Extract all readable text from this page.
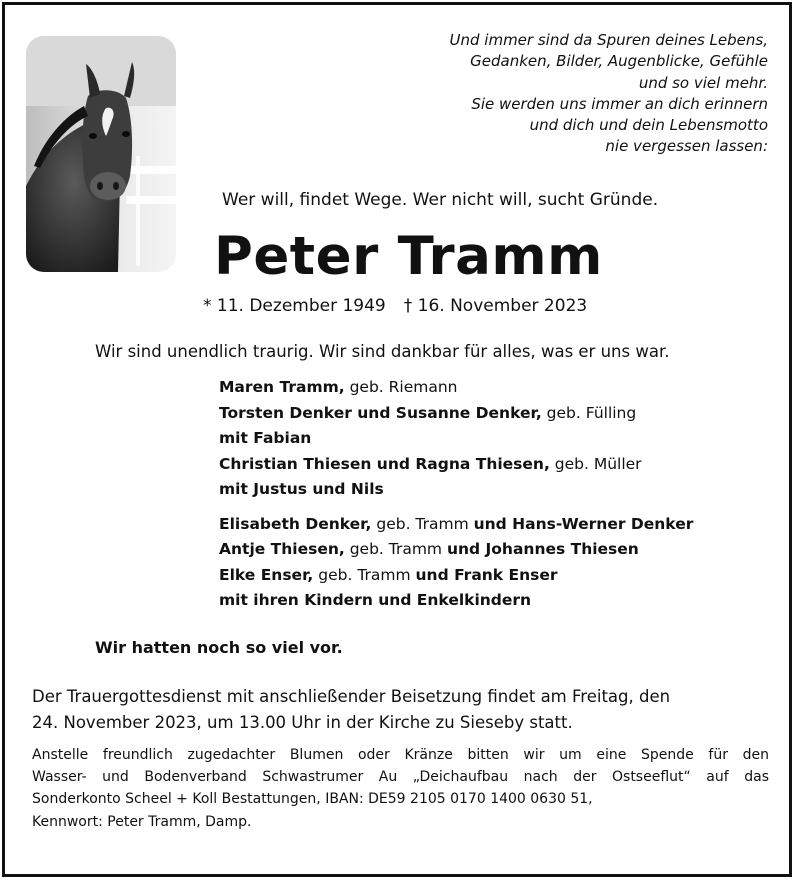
Und immer sind da Spuren deines Lebens,
Gedanken, Bilder, Augenblicke, Gefühle
und so viel mehr.
Sie werden uns immer an dich erinnern
und dich und dein Lebensmotto
nie vergessen lassen:
Wer will, findet Wege. Wer nicht will, sucht Gründe.
Peter Tramm
* 11. Dezember 1949 † 16. November 2023
Wir sind unendlich traurig. Wir sind dankbar für alles, was er uns war.
Maren Tramm, geb. Riemann
Torsten Denker und Susanne Denker, geb. Fülling
mit Fabian
Christian Thiesen und Ragna Thiesen, geb. Müller
mit Justus und Nils
Elisabeth Denker, geb. Tramm und Hans-Werner Denker
Antje Thiesen, geb. Tramm und Johannes Thiesen
Elke Enser, geb. Tramm und Frank Enser
mit ihren Kindern und Enkelkindern
Wir hatten noch so viel vor.
Der Trauergottesdienst mit anschließender Beisetzung findet am Freitag, den
24. November 2023, um 13.00 Uhr in der Kirche zu Sieseby statt.
Anstelle freundlich zugedachter Blumen oder Kränze bitten wir um eine Spende für den
Wasser- und Bodenverband Schwastrumer Au „Deichaufbau nach der Ostseeflut“ auf das
Sonderkonto Scheel + Koll Bestattungen, IBAN: DE59 2105 0170 1400 0630 51,
Kennwort: Peter Tramm, Damp.
